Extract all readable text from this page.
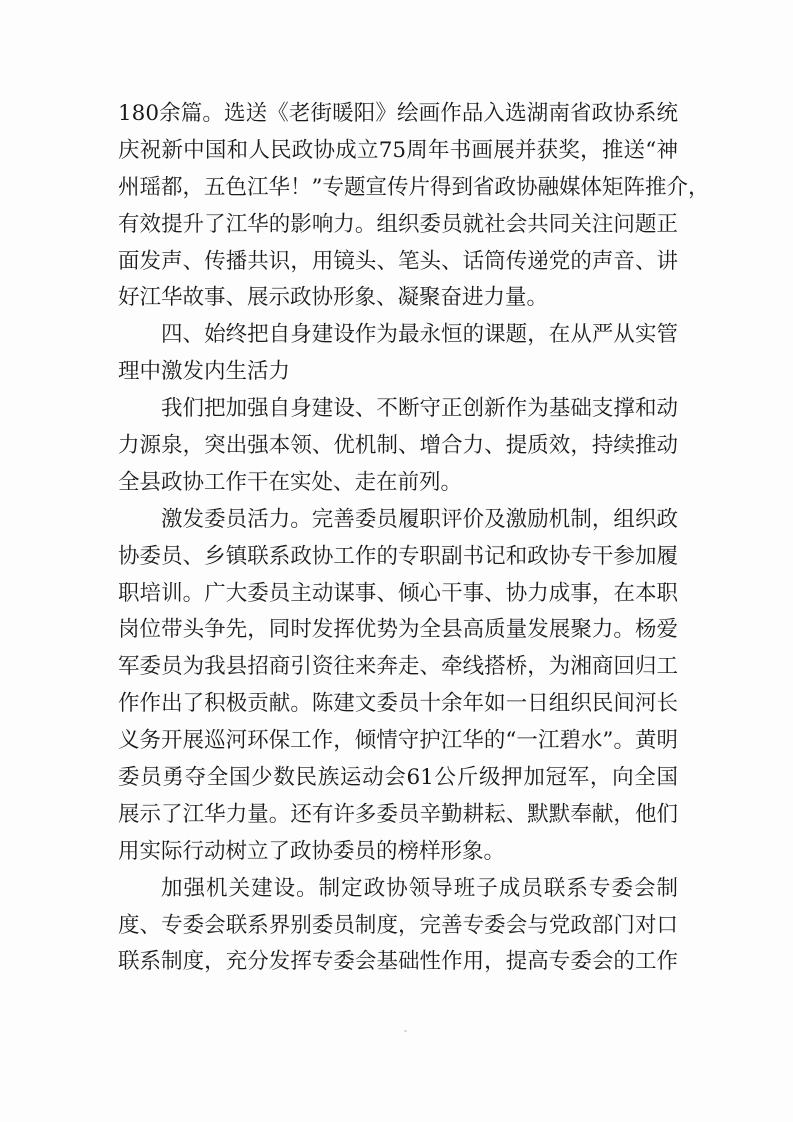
180余篇。选送《老街暖阳》绘画作品入选湖南省政协系统
庆祝新中国和人民政协成立75周年书画展并获奖，推送“神
州瑶都，五色江华！”专题宣传片得到省政协融媒体矩阵推介，
有效提升了江华的影响力。组织委员就社会共同关注问题正
面发声、传播共识，用镜头、笔头、话筒传递党的声音、讲
好江华故事、展示政协形象、凝聚奋进力量。
四、始终把自身建设作为最永恒的课题，在从严从实管
理中激发内生活力
我们把加强自身建设、不断守正创新作为基础支撑和动
力源泉，突出强本领、优机制、增合力、提质效，持续推动
全县政协工作干在实处、走在前列。
激发委员活力。完善委员履职评价及激励机制，组织政
协委员、乡镇联系政协工作的专职副书记和政协专干参加履
职培训。广大委员主动谋事、倾心干事、协力成事，在本职
岗位带头争先，同时发挥优势为全县高质量发展聚力。杨爱
军委员为我县招商引资往来奔走、牵线搭桥，为湘商回归工
作作出了积极贡献。陈建文委员十余年如一日组织民间河长
义务开展巡河环保工作，倾情守护江华的“一江碧水”。黄明
委员勇夺全国少数民族运动会61公斤级押加冠军，向全国
展示了江华力量。还有许多委员辛勤耕耘、默默奉献，他们
用实际行动树立了政协委员的榜样形象。
加强机关建设。制定政协领导班子成员联系专委会制
度、专委会联系界别委员制度，完善专委会与党政部门对口
联系制度，充分发挥专委会基础性作用，提高专委会的工作
